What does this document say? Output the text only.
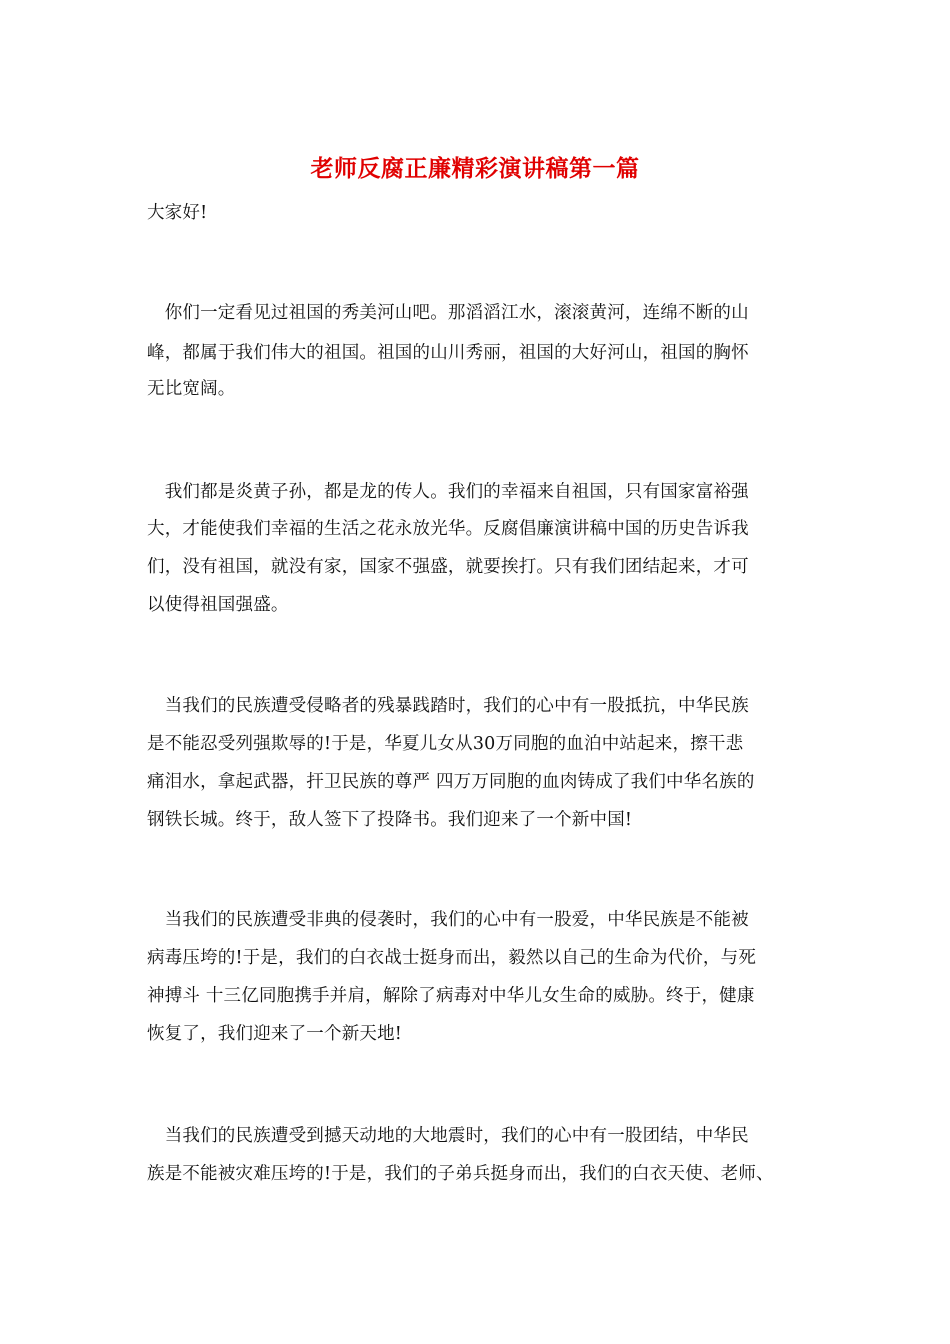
老师反腐正廉精彩演讲稿第一篇
大家好!
　你们一定看见过祖国的秀美河山吧。那滔滔江水，滚滚黄河，连绵不断的山
峰，都属于我们伟大的祖国。祖国的山川秀丽，祖国的大好河山，祖国的胸怀
无比宽阔。
　我们都是炎黄子孙，都是龙的传人。我们的幸福来自祖国，只有国家富裕强
大，才能使我们幸福的生活之花永放光华。反腐倡廉演讲稿中国的历史告诉我
们，没有祖国，就没有家，国家不强盛，就要挨打。只有我们团结起来，才可
以使得祖国强盛。
　当我们的民族遭受侵略者的残暴践踏时，我们的心中有一股抵抗，中华民族
是不能忍受列强欺辱的!于是，华夏儿女从30万同胞的血泊中站起来，擦干悲
痛泪水，拿起武器，扞卫民族的尊严 四万万同胞的血肉铸成了我们中华名族的
钢铁长城。终于，敌人签下了投降书。我们迎来了一个新中国!
　当我们的民族遭受非典的侵袭时，我们的心中有一股爱，中华民族是不能被
病毒压垮的!于是，我们的白衣战士挺身而出，毅然以自己的生命为代价，与死
神搏斗 十三亿同胞携手并肩，解除了病毒对中华儿女生命的威胁。终于，健康
恢复了，我们迎来了一个新天地!
　当我们的民族遭受到撼天动地的大地震时，我们的心中有一股团结，中华民
族是不能被灾难压垮的!于是，我们的子弟兵挺身而出，我们的白衣天使、老师、
